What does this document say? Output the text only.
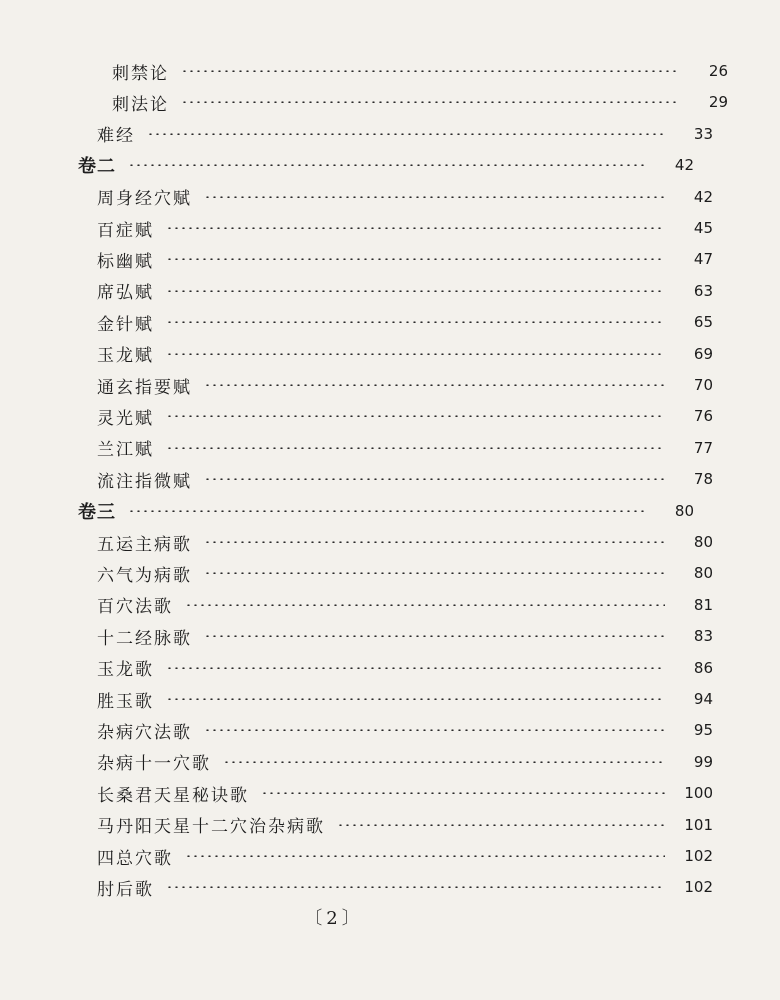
刺禁论	26
刺法论	29
难经	33
卷二	42
周身经穴赋	42
百症赋	45
标幽赋	47
席弘赋	63
金针赋	65
玉龙赋	69
通玄指要赋	70
灵光赋	76
兰江赋	77
流注指微赋	78
卷三	80
五运主病歌	80
六气为病歌	80
百穴法歌	81
十二经脉歌	83
玉龙歌	86
胜玉歌	94
杂病穴法歌	95
杂病十一穴歌	99
长桑君天星秘诀歌	100
马丹阳天星十二穴治杂病歌	101
四总穴歌	102
肘后歌	102
〔2〕
